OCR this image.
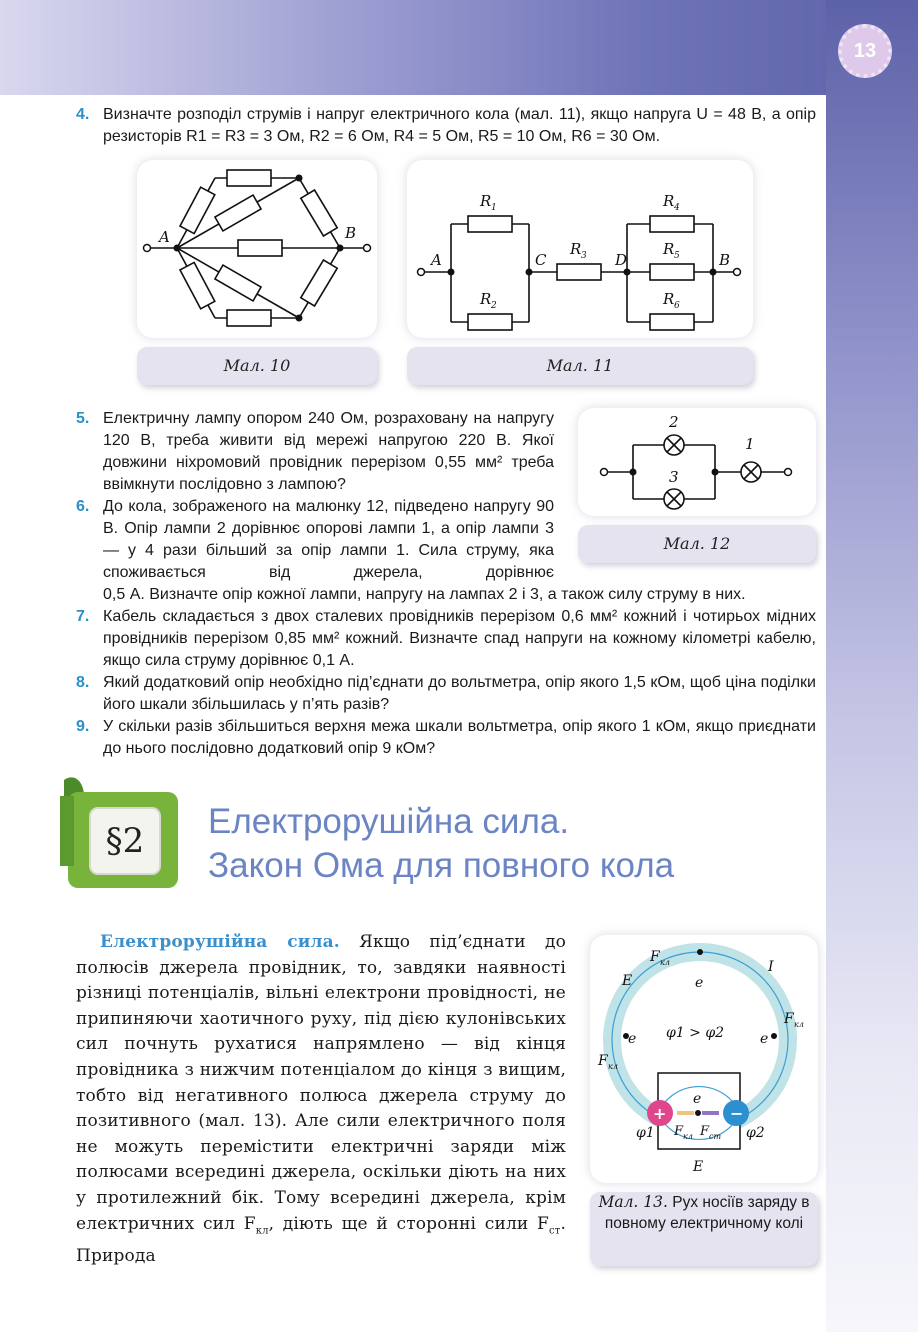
13
4. Визначте розподіл струмів і напруг електричного кола (мал. 11), якщо напруга U = 48 В, а опір резисторів R1 = R3 = 3 Ом, R2 = 6 Ом, R4 = 5 Ом, R5 = 10 Ом, R6 = 30 Ом.
A	B
Мал. 10
A	C	D	B
R 1
R 2
R 3
R 4
R 5
R 6
Мал. 11
5. Електричну лампу опором 240 Ом, розраховану на напругу 120 В, треба живити від мережі напругою 220 В. Якої довжини ніхромовий провідник перерізом 0,55 мм² треба ввімкнути послідовно з лампою?
6. До кола, зображеного на малюнку 12, підведено напругу 90 В. Опір лампи 2 дорівнює опорові лампи 1, а опір лампи 3 — у 4 рази більший за опір лампи 1. Сила струму, яка споживається від джерела, дорівнює
0,5 А. Визначте опір кожної лампи, напругу на лампах 2 і 3, а також силу струму в них.
2
3
1
Мал. 12
7. Кабель складається з двох сталевих провідників перерізом 0,6 мм² кожний і чотирьох мідних провідників перерізом 0,85 мм² кожний. Визначте спад напруги на кожному кілометрі кабелю, якщо сила струму дорівнює 0,1 А.
8. Який додатковий опір необхідно під’єднати до вольтметра, опір якого 1,5 кОм, щоб ціна поділки його шкали збільшилась у п’ять разів?
9. У скільки разів збільшиться верхня межа шкали вольтметра, опір якого 1 кОм, якщо приєднати до нього послідовно додатковий опір 9 кОм?
§2	Електрорушійна сила.
Закон Ома для повного кола
Електрорушійна сила. Якщо під’єднати до полюсів джерела провідник, то, завдяки наявності різниці потенціалів, вільні електрони провідності, не припиняючи хаотичного руху, під дією кулонівських сил почнуть рухатися напрямлено — від кінця провідника з нижчим потенціалом до кінця з вищим, тобто від негативного полюса джерела струму до позитивного (мал. 13). Але сили електричного поля не можуть перемістити електричні заряди між полюсами всередині джерела, оскільки діють на них у протилежний бік. Тому всередині джерела, крім електричних сил $F_{кл}$, діють ще й сторонні сили $F_{ст}$. Природа
+	−
F кл
E	e
I
F кл
e
F кл
e
φ1 > φ2
φ1	φ2
e
F кл F ст
E
Мал. 13. Рух носіїв заряду в повному електричному колі
